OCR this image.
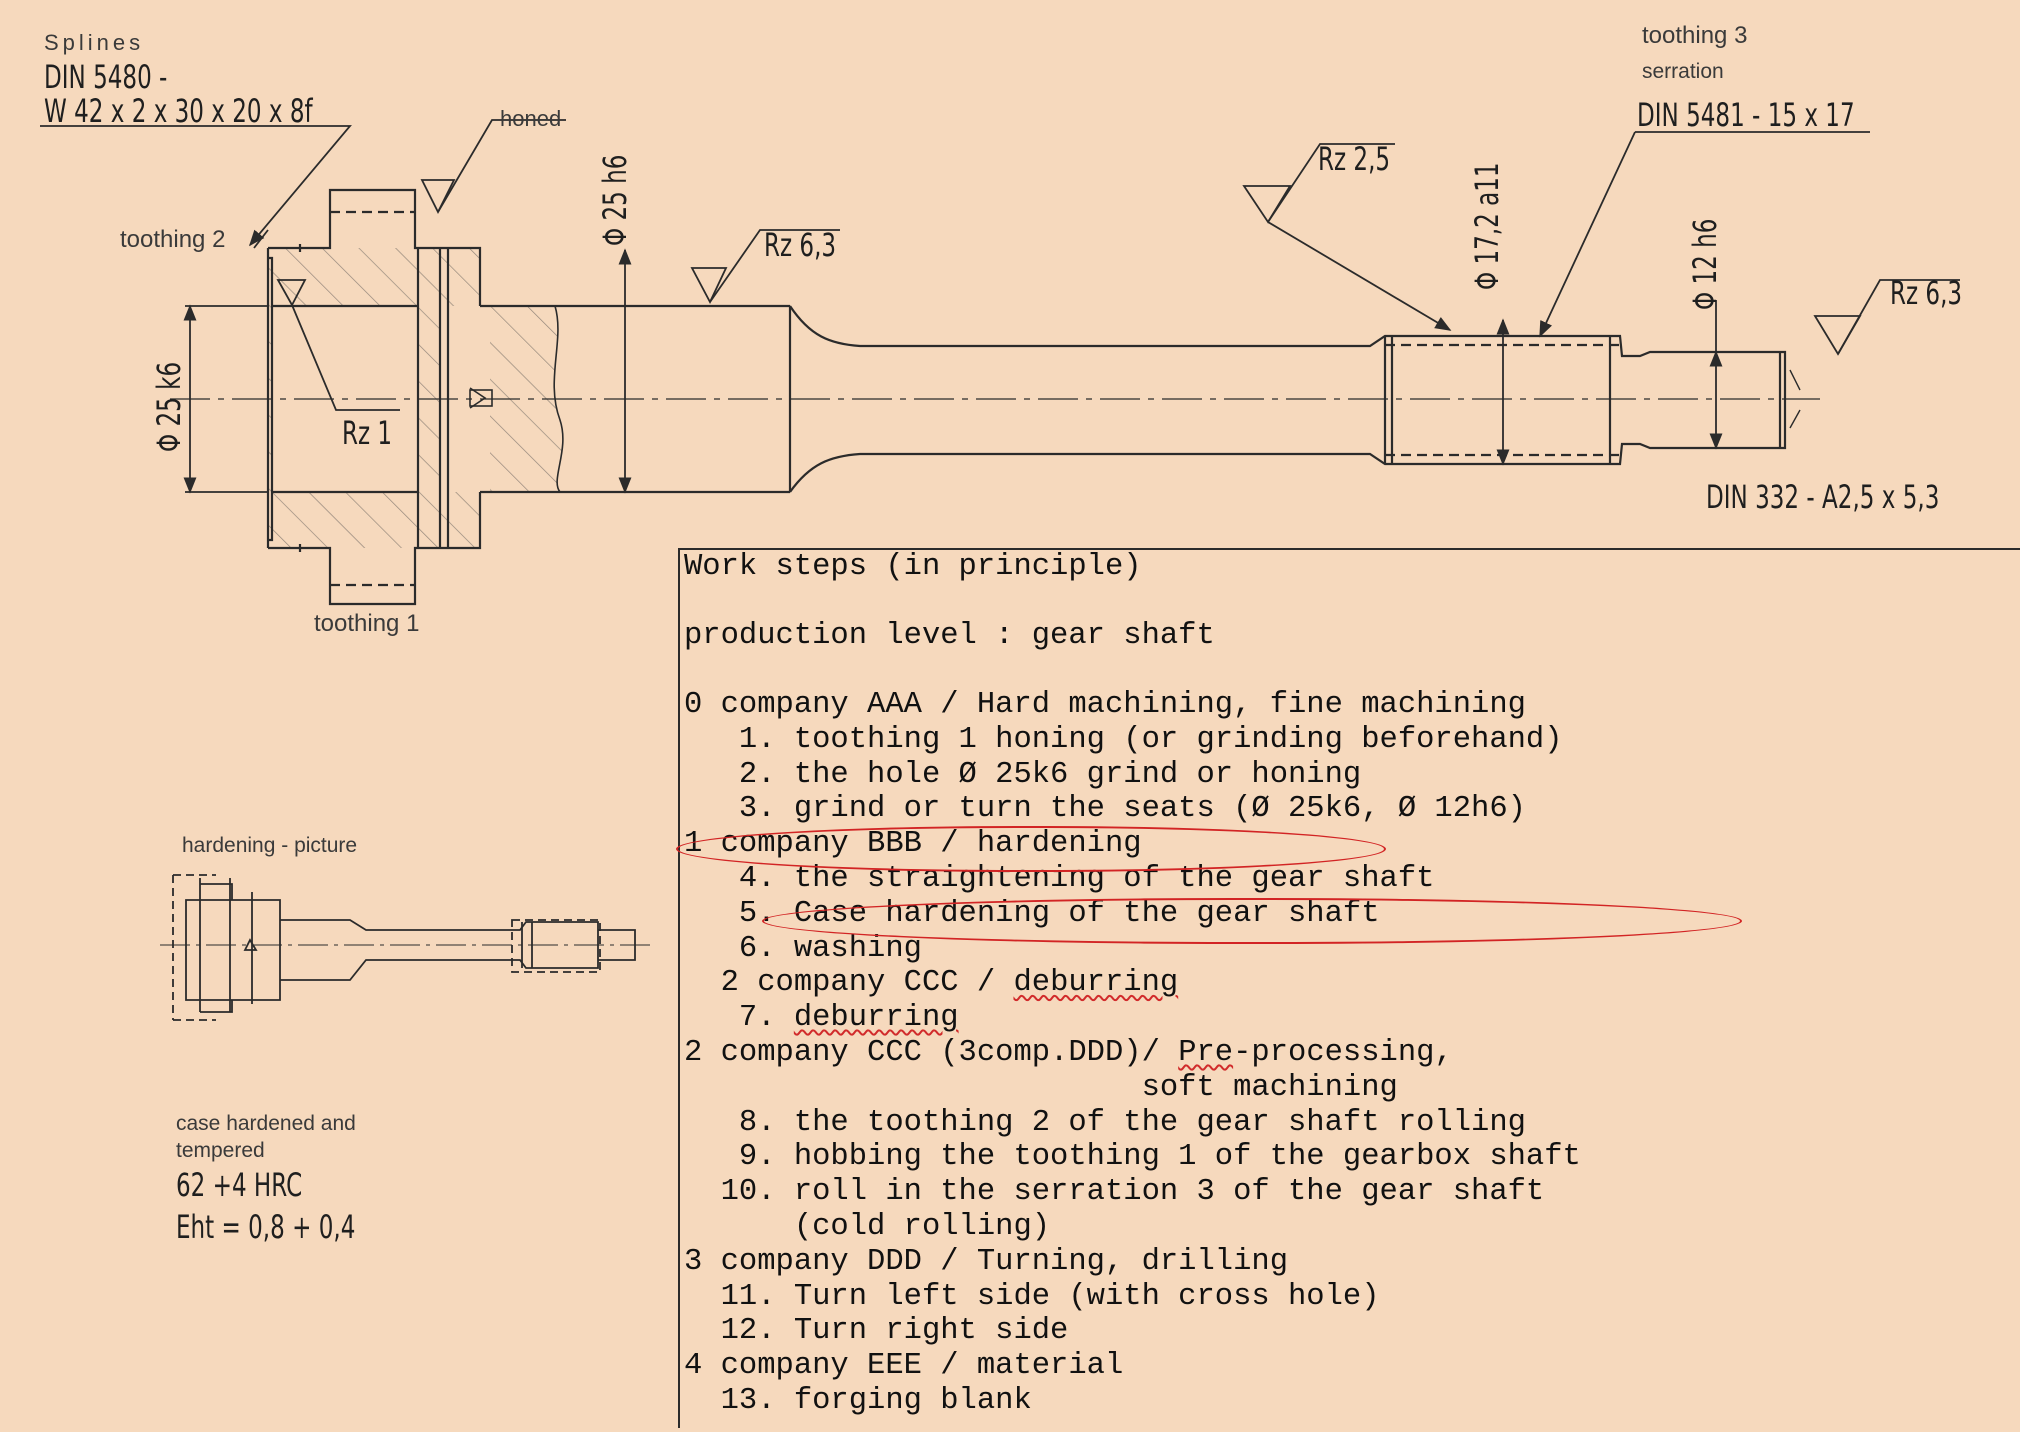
Splines
DIN 5480 -
W 42 x 2 x 30 x 20 x 8f	honed
toothing 2
toothing 1
toothing 3
serration
DIN 5481 - 15 x 17
Φ 25 h6
Φ 25 k6
Φ 17,2 a11	Φ 12 h6
Rz 1
Rz 6,3
Rz 2,5
Rz 6,3
DIN 332 - A2,5 x 5,3
hardening - picture
case hardened and
tempered
62 +4 HRC
Eht = 0,8 + 0,4
Work steps (in principle)
production level : gear shaft
0 company AAA / Hard machining, fine machining
1. toothing 1 honing (or grinding beforehand)
2. the hole Ø 25k6 grind or honing
3. grind or turn the seats (Ø 25k6, Ø 12h6)
1 company BBB / hardening
4. the straightening of the gear shaft
5. Case hardening of the gear shaft
6. washing
2 company CCC / deburring
7. deburring
2 company CCC (3comp.DDD)/ Pre-processing,
soft machining
8. the toothing 2 of the gear shaft rolling
9. hobbing the toothing 1 of the gearbox shaft
10. roll in the serration 3 of the gear shaft
(cold rolling)
3 company DDD / Turning, drilling
11. Turn left side (with cross hole)
12. Turn right side
4 company EEE / material
13. forging blank
